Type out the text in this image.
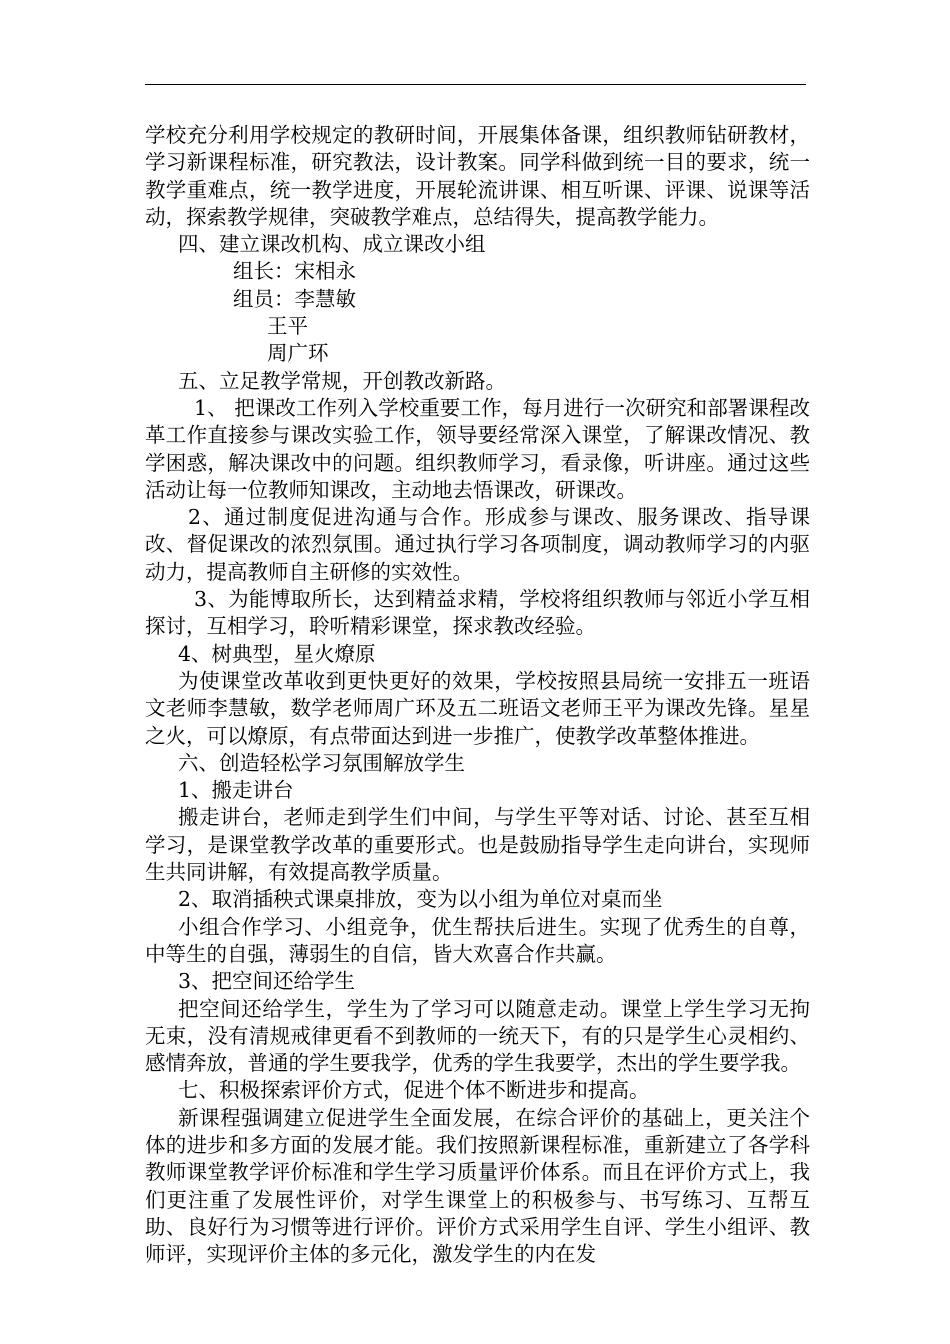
学校充分利用学校规定的教研时间，开展集体备课，组织教师钻研教材，学习新课程标准，研究教法，设计教案。同学科做到统一目的要求，统一教学重难点，统一教学进度，开展轮流讲课、相互听课、评课、说课等活动，探索教学规律，突破教学难点，总结得失，提高教学能力。

四、建立课改机构、成立课改小组

组长：宋相永

组员：李慧敏

王平

周广环

五、立足教学常规，开创教改新路。

1、 把课改工作列入学校重要工作，每月进行一次研究和部署课程改革工作直接参与课改实验工作，领导要经常深入课堂，了解课改情况、教学困惑，解决课改中的问题。组织教师学习，看录像，听讲座。通过这些活动让每一位教师知课改，主动地去悟课改，研课改。

2、通过制度促进沟通与合作。形成参与课改、服务课改、指导课改、督促课改的浓烈氛围。通过执行学习各项制度，调动教师学习的内驱动力，提高教师自主研修的实效性。

3、为能博取所长，达到精益求精，学校将组织教师与邻近小学互相探讨，互相学习，聆听精彩课堂，探求教改经验。

4、树典型，星火燎原

为使课堂改革收到更快更好的效果，学校按照县局统一安排五一班语文老师李慧敏，数学老师周广环及五二班语文老师王平为课改先锋。星星之火，可以燎原，有点带面达到进一步推广，使教学改革整体推进。

六、创造轻松学习氛围解放学生

1、搬走讲台

搬走讲台，老师走到学生们中间，与学生平等对话、讨论、甚至互相学习，是课堂教学改革的重要形式。也是鼓励指导学生走向讲台，实现师生共同讲解，有效提高教学质量。

2、取消插秧式课桌排放，变为以小组为单位对桌而坐

小组合作学习、小组竞争，优生帮扶后进生。实现了优秀生的自尊，中等生的自强，薄弱生的自信，皆大欢喜合作共赢。

3、把空间还给学生

把空间还给学生，学生为了学习可以随意走动。课堂上学生学习无拘无束，没有清规戒律更看不到教师的一统天下，有的只是学生心灵相约、感情奔放，普通的学生要我学，优秀的学生我要学，杰出的学生要学我。

七、积极探索评价方式，促进个体不断进步和提高。

新课程强调建立促进学生全面发展，在综合评价的基础上，更关注个体的进步和多方面的发展才能。我们按照新课程标准，重新建立了各学科教师课堂教学评价标准和学生学习质量评价体系。而且在评价方式上，我们更注重了发展性评价，对学生课堂上的积极参与、书写练习、互帮互助、良好行为习惯等进行评价。评价方式采用学生自评、学生小组评、教师评，实现评价主体的多元化，激发学生的内在发
